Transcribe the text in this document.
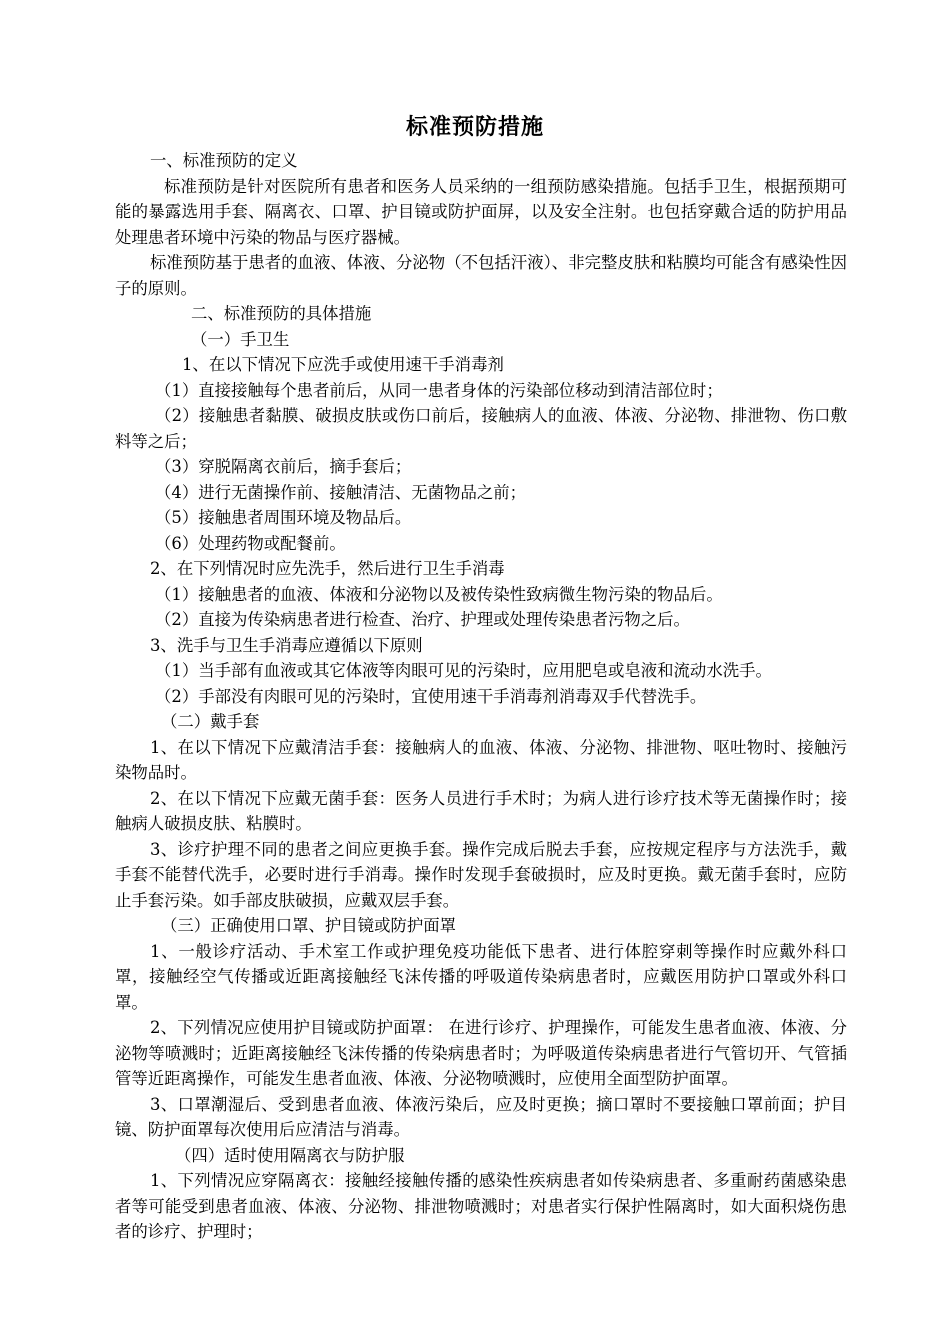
标准预防措施

一、标准预防的定义

标准预防是针对医院所有患者和医务人员采纳的一组预防感染措施。包括手卫生，根据预期可能的暴露选用手套、隔离衣、口罩、护目镜或防护面屏，以及安全注射。也包括穿戴合适的防护用品处理患者环境中污染的物品与医疗器械。

标准预防基于患者的血液、体液、分泌物（不包括汗液）、非完整皮肤和粘膜均可能含有感染性因子的原则。

二、标准预防的具体措施

（一）手卫生

1、在以下情况下应洗手或使用速干手消毒剂

（1）直接接触每个患者前后，从同一患者身体的污染部位移动到清洁部位时；

（2）接触患者黏膜、破损皮肤或伤口前后，接触病人的血液、体液、分泌物、排泄物、伤口敷料等之后；

（3）穿脱隔离衣前后，摘手套后；

（4）进行无菌操作前、接触清洁、无菌物品之前；

（5）接触患者周围环境及物品后。

（6）处理药物或配餐前。

2、在下列情况时应先洗手，然后进行卫生手消毒

（1）接触患者的血液、体液和分泌物以及被传染性致病微生物污染的物品后。

（2）直接为传染病患者进行检查、治疗、护理或处理传染患者污物之后。

3、洗手与卫生手消毒应遵循以下原则

（1）当手部有血液或其它体液等肉眼可见的污染时，应用肥皂或皂液和流动水洗手。

（2）手部没有肉眼可见的污染时，宜使用速干手消毒剂消毒双手代替洗手。

（二）戴手套

1、在以下情况下应戴清洁手套：接触病人的血液、体液、分泌物、排泄物、呕吐物时、接触污染物品时。

2、在以下情况下应戴无菌手套：医务人员进行手术时；为病人进行诊疗技术等无菌操作时；接触病人破损皮肤、粘膜时。

3、诊疗护理不同的患者之间应更换手套。操作完成后脱去手套，应按规定程序与方法洗手，戴手套不能替代洗手，必要时进行手消毒。操作时发现手套破损时，应及时更换。戴无菌手套时，应防止手套污染。如手部皮肤破损，应戴双层手套。

（三）正确使用口罩、护目镜或防护面罩

1、一般诊疗活动、手术室工作或护理免疫功能低下患者、进行体腔穿刺等操作时应戴外科口罩，接触经空气传播或近距离接触经飞沫传播的呼吸道传染病患者时，应戴医用防护口罩或外科口罩。

2、下列情况应使用护目镜或防护面罩： 在进行诊疗、护理操作，可能发生患者血液、体液、分泌物等喷溅时；近距离接触经飞沫传播的传染病患者时；为呼吸道传染病患者进行气管切开、气管插管等近距离操作，可能发生患者血液、体液、分泌物喷溅时，应使用全面型防护面罩。

3、口罩潮湿后、受到患者血液、体液污染后，应及时更换；摘口罩时不要接触口罩前面；护目镜、防护面罩每次使用后应清洁与消毒。

（四）适时使用隔离衣与防护服

1、下列情况应穿隔离衣：接触经接触传播的感染性疾病患者如传染病患者、多重耐药菌感染患者等可能受到患者血液、体液、分泌物、排泄物喷溅时；对患者实行保护性隔离时，如大面积烧伤患者的诊疗、护理时；
